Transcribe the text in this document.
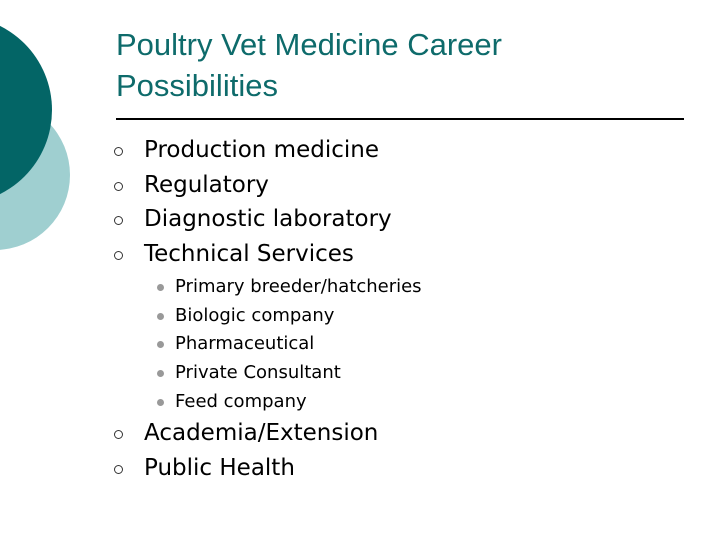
Poultry Vet Medicine Career
Possibilities
Production medicine
Regulatory
Diagnostic laboratory
Technical Services
Primary breeder/hatcheries
Biologic company
Pharmaceutical
Private Consultant
Feed company
Academia/Extension
Public Health
